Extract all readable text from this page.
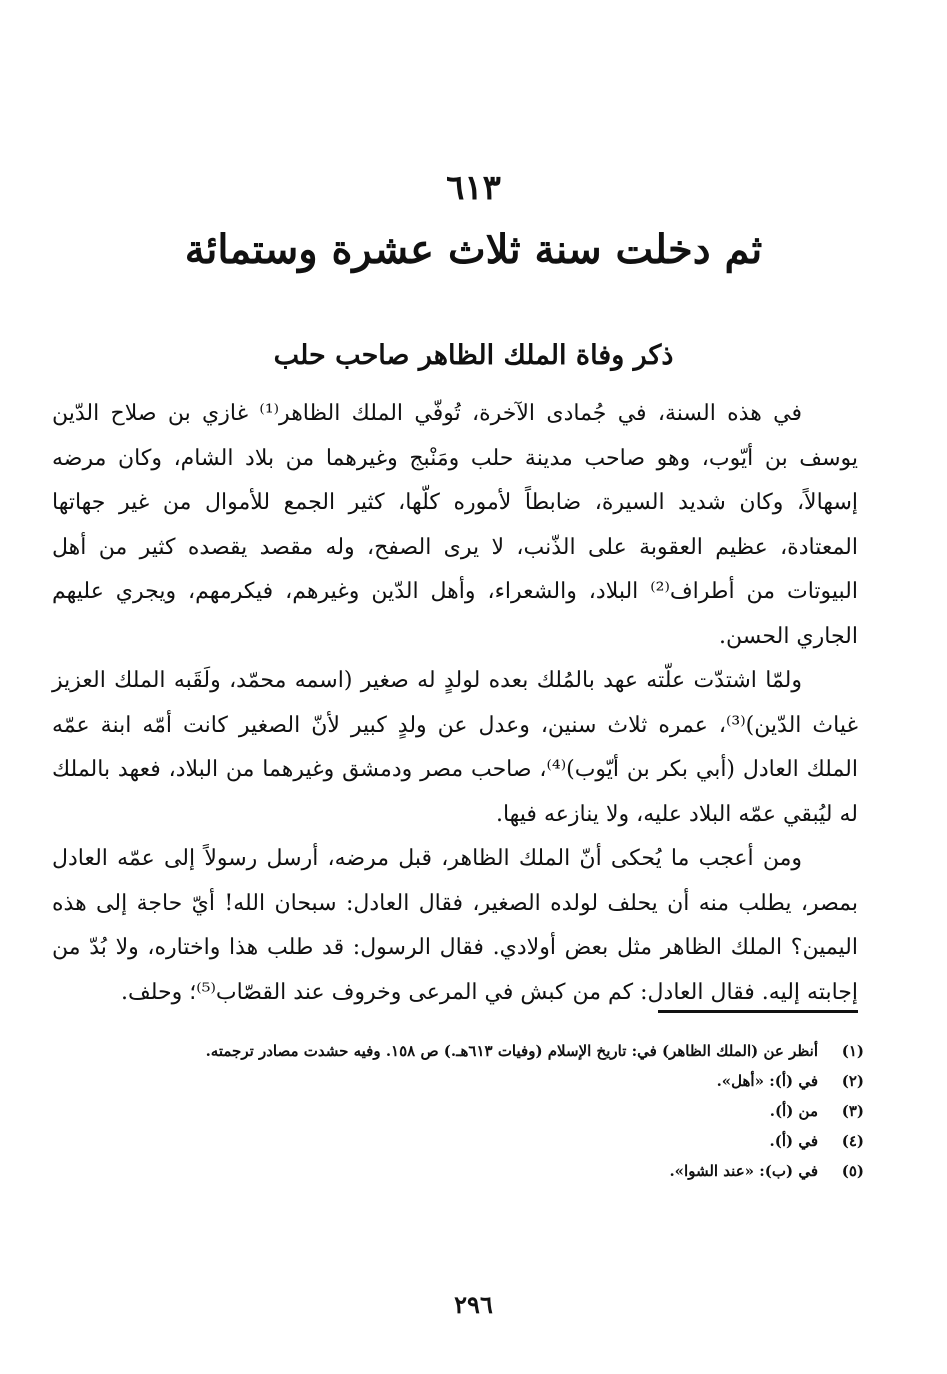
٦١٣
ثم دخلت سنة ثلاث عشرة وستمائة
ذكر وفاة الملك الظاهر صاحب حلب

في هذه السنة، في جُمادى الآخرة، تُوفّي الملك الظاهر⁽¹⁾ غازي بن صلاح الدّين يوسف بن أيّوب، وهو صاحب مدينة حلب ومَنْبج وغيرهما من بلاد الشام، وكان مرضه إسهالاً، وكان شديد السيرة، ضابطاً لأموره كلّها، كثير الجمع للأموال من غير جهاتها المعتادة، عظيم العقوبة على الذّنب، لا يرى الصفح، وله مقصد يقصده كثير من أهل البيوتات من أطراف⁽²⁾ البلاد، والشعراء، وأهل الدّين وغيرهم، فيكرمهم، ويجري عليهم الجاري الحسن.

ولمّا اشتدّت علّته عهد بالمُلك بعده لولدٍ له صغير (اسمه محمّد، ولَقَبه الملك العزيز غياث الدّين)⁽³⁾، عمره ثلاث سنين، وعدل عن ولدٍ كبير لأنّ الصغير كانت أمّه ابنة عمّه الملك العادل (أبي بكر بن أيّوب)⁽⁴⁾، صاحب مصر ودمشق وغيرهما من البلاد، فعهد بالملك له ليُبقي عمّه البلاد عليه، ولا ينازعه فيها.

ومن أعجب ما يُحكى أنّ الملك الظاهر، قبل مرضه، أرسل رسولاً إلى عمّه العادل بمصر، يطلب منه أن يحلف لولده الصغير، فقال العادل: سبحان الله! أيّ حاجة إلى هذه اليمين؟ الملك الظاهر مثل بعض أولادي. فقال الرسول: قد طلب هذا واختاره، ولا بُدّ من إجابته إليه. فقال العادل: كم من كبش في المرعى وخروف عند القصّاب⁽⁵⁾؛ وحلف.

(١)
أنظر عن (الملك الظاهر) في: تاريخ الإسلام (وفيات ٦١٣هـ.) ص ١٥٨. وفيه حشدت مصادر ترجمته.
(٢)
في (أ): «أهل».
(٣)
من (أ).
(٤)
في (أ).
(٥)
في (ب): «عند الشوا».
٢٩٦
